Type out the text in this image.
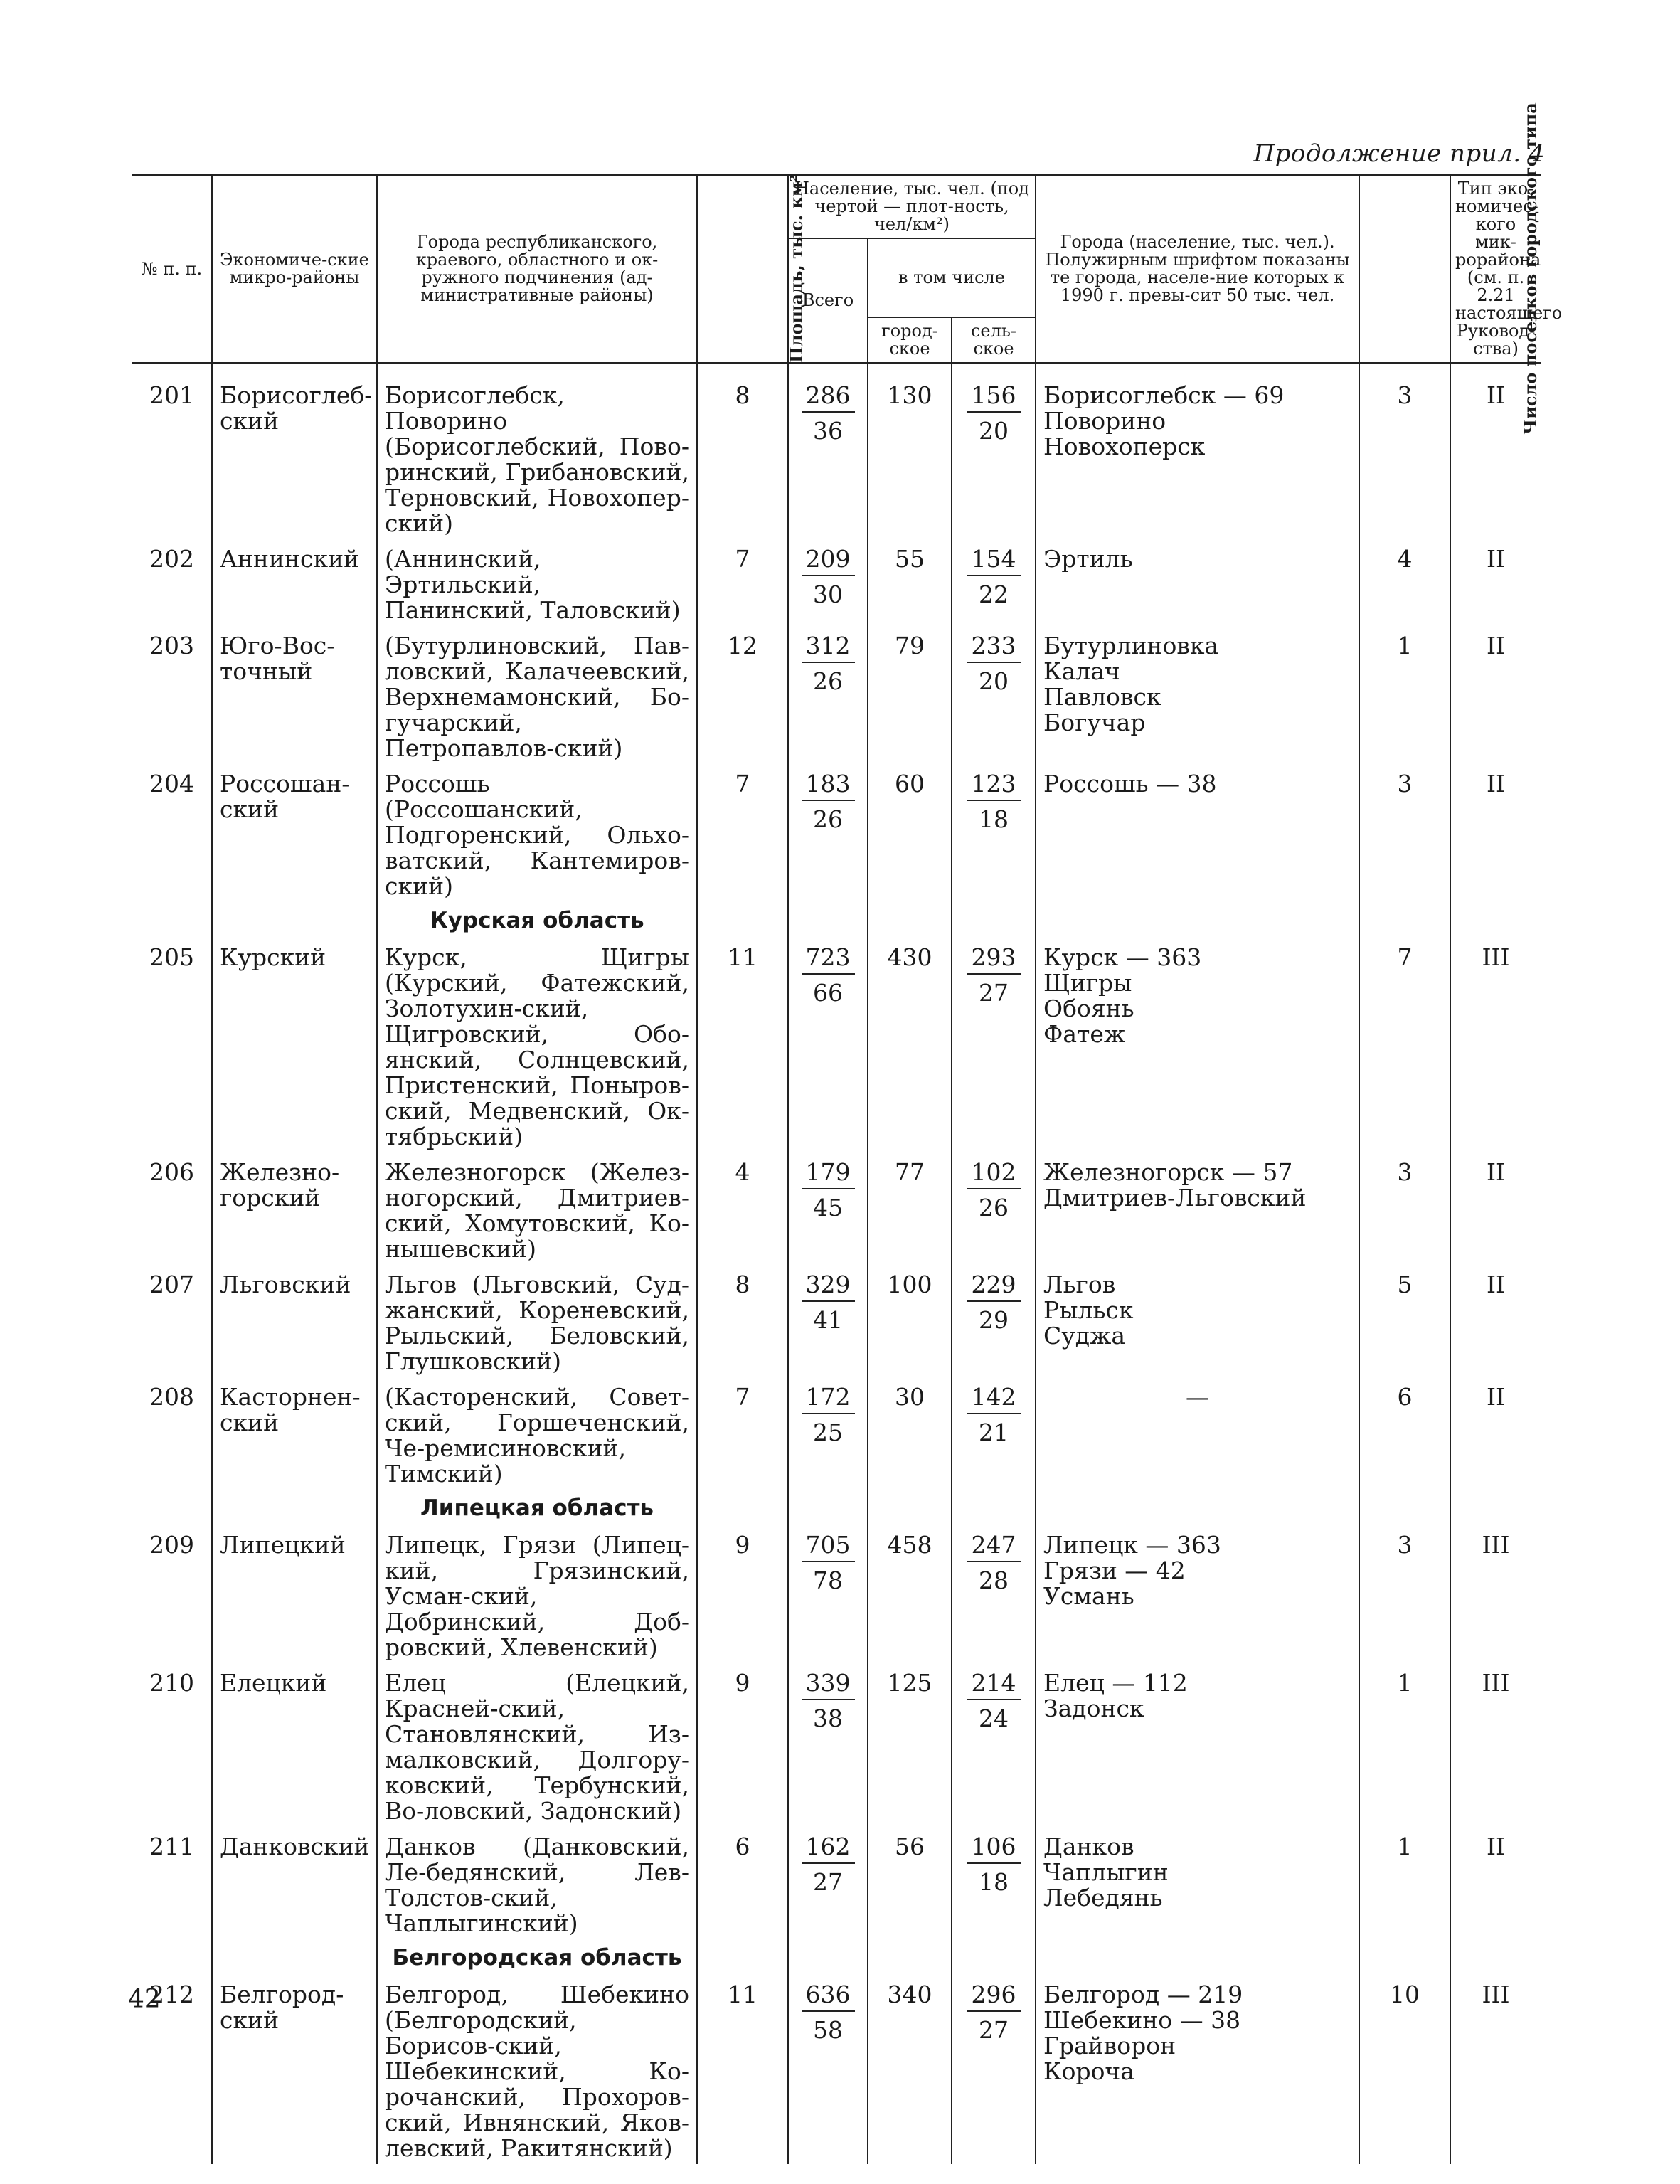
Продолжение прил. 4
№ п. п.	Экономиче-ские микро-районы	Города республиканского, краевого, областного и ок-ружного подчинения (ад-министративные районы)	Площадь, тыс. км²	Население, тыс. чел. (под чертой — плот-ность, чел/км²)			Города (население, тыс. чел.). Полужирным шрифтом показаны те города, населе-ние которых к 1990 г. превы-сит 50 тыс. чел.	Число поселков городского типа	Тип эко-номичес-кого мик-рорайона (см. п. 2.21 настоящего Руковод-ства)
				Всего	в том числе				
					город-ское	сель-ское			
201	Борисоглеб-ский	Борисоглебск, Поворино (Борисоглебский, Пово-ринский, Грибановский, Терновский, Новохопер-ский)	8	$\frac{286}{36}$	130	$\frac{156}{20}$	Борисоглебск — 69
Поворино
Новохоперск	3	II
202	Аннинский	(Аннинский, Эртильский, Панинский, Таловский)	7	$\frac{209}{30}$	55	$\frac{154}{22}$	Эртиль	4	II
203	Юго-Вос-точный	(Бутурлиновский, Пав-ловский, Калачеевский, Верхнемамонский, Бо-гучарский, Петропавлов-ский)	12	$\frac{312}{26}$	79	$\frac{233}{20}$	Бутурлиновка
Калач
Павловск
Богучар	1	II
204	Россошан-ский	Россошь (Россошанский, Подгоренский, Ольхо-ватский, Кантемиров-ский)	7	$\frac{183}{26}$	60	$\frac{123}{18}$	Россошь — 38	3	II

		Курская область							

205	Курский	Курск, Щигры (Курский, Фатежский, Золотухин-ский, Щигровский, Обо-янский, Солнцевский, Пристенский, Поныров-ский, Медвенский, Ок-тябрьский)	11	$\frac{723}{66}$	430	$\frac{293}{27}$	Курск — 363
Щигры
Обоянь
Фатеж	7	III
206	Железно-горский	Железногорск (Желез-ногорский, Дмитриев-ский, Хомутовский, Ко-нышевский)	4	$\frac{179}{45}$	77	$\frac{102}{26}$	Железногорск — 57
Дмитриев-Льговский	3	II
207	Льговский	Льгов (Льговский, Суд-жанский, Кореневский, Рыльский, Беловский, Глушковский)	8	$\frac{329}{41}$	100	$\frac{229}{29}$	Льгов
Рыльск
Суджа	5	II
208	Касторнен-ский	(Касторенский, Совет-ский, Горшеченский, Че-ремисиновский, Тимский)	7	$\frac{172}{25}$	30	$\frac{142}{21}$	—	6	II

		Липецкая область							

209	Липецкий	Липецк, Грязи (Липец-кий, Грязинский, Усман-ский, Добринский, Доб-ровский, Хлевенский)	9	$\frac{705}{78}$	458	$\frac{247}{28}$	Липецк — 363
Грязи — 42
Усмань	3	III
210	Елецкий	Елец (Елецкий, Красней-ский, Становлянский, Из-малковский, Долгору-ковский, Тербунский, Во-ловский, Задонский)	9	$\frac{339}{38}$	125	$\frac{214}{24}$	Елец — 112
Задонск	1	III
211	Данковский	Данков (Данковский, Ле-бедянский, Лев-Толстов-ский, Чаплыгинский)	6	$\frac{162}{27}$	56	$\frac{106}{18}$	Данков
Чаплыгин
Лебедянь	1	II

		Белгородская область							

212	Белгород-ский	Белгород, Шебекино (Белгородский, Борисов-ский, Шебекинский, Ко-рочанский, Прохоров-ский, Ивнянский, Яков-левский, Ракитянский)	11	$\frac{636}{58}$	340	$\frac{296}{27}$	Белгород — 219
Шебекино — 38
Грайворон
Короча	10	III
42
